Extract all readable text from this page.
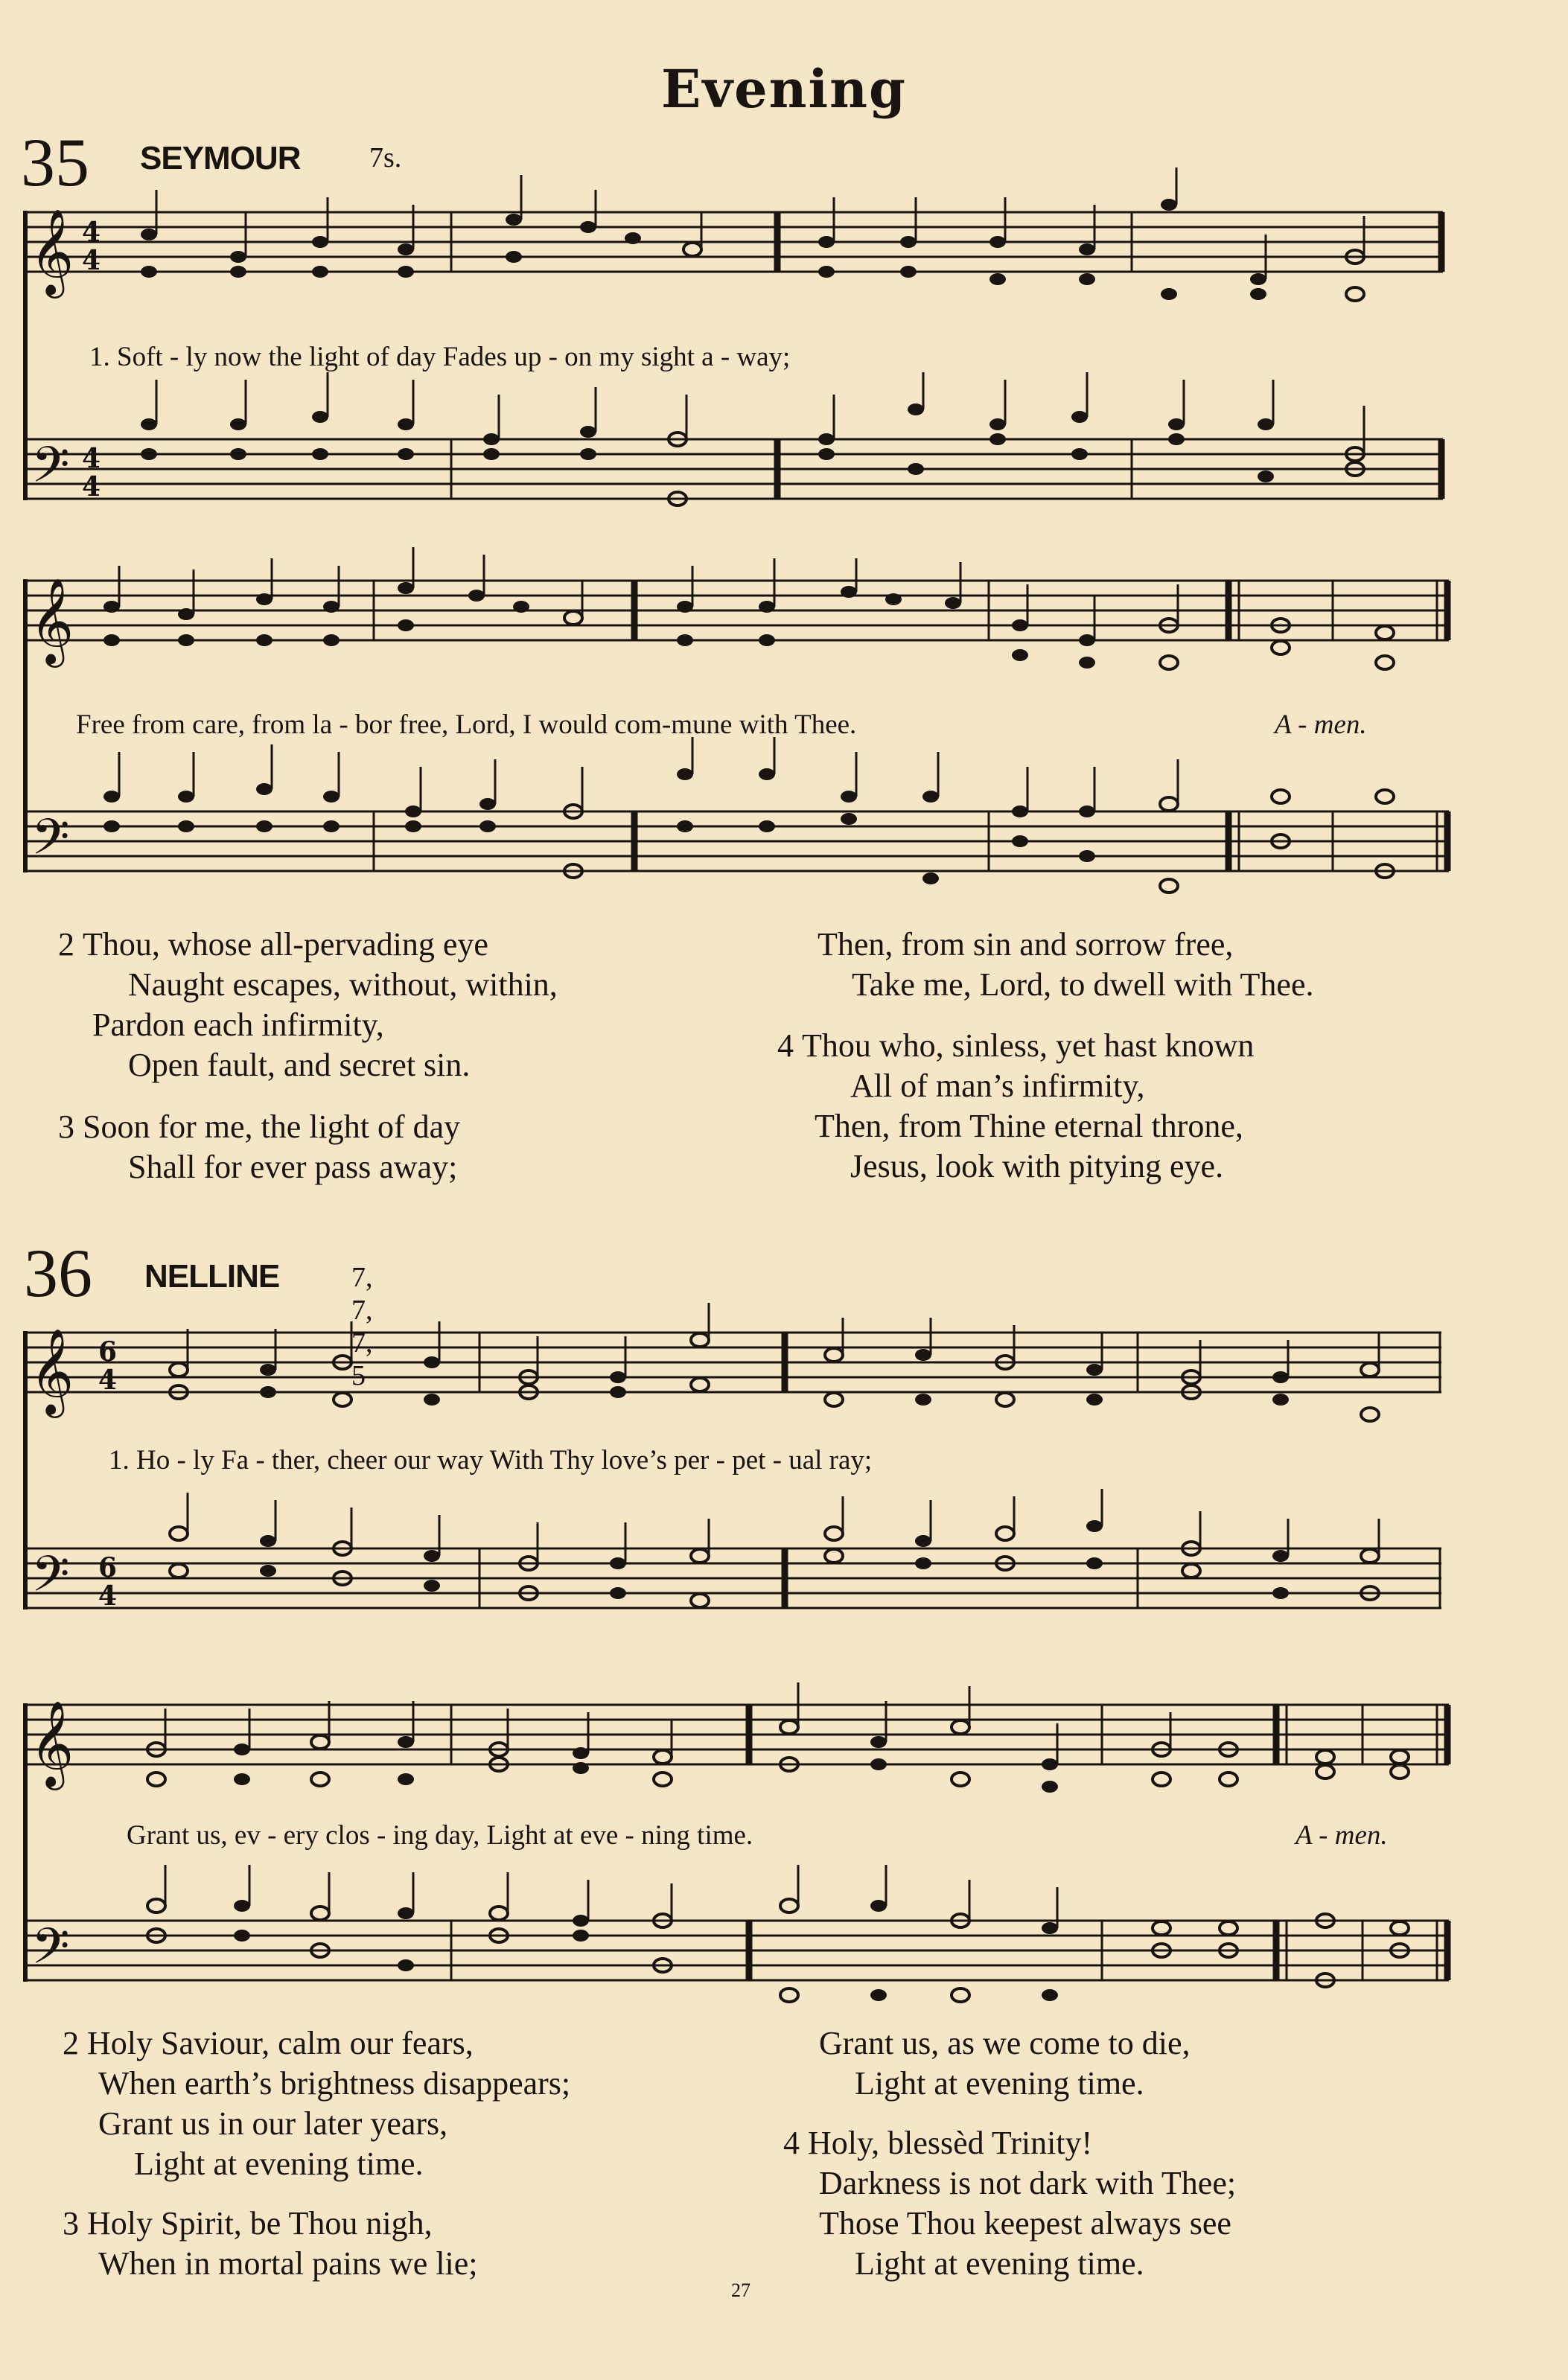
Evening
35 SEYMOUR 7s.
𝄞
𝄢
4
4
4
4
𝄞
𝄢
1. Soft - ly now the light of day Fades up - on my sight a - way;
Free from care, from la - bor free, Lord, I would com-mune with Thee.	A - men.
2 Thou, whose all-pervading eye
Naught escapes, without, within,
Pardon each infirmity,
Open fault, and secret sin.
3 Soon for me, the light of day
Shall for ever pass away;
Then, from sin and sorrow free,
Take me, Lord, to dwell with Thee.
4 Thou who, sinless, yet hast known
All of man’s infirmity,
Then, from Thine eternal throne,
Jesus, look with pitying eye.
36 NELLINE	7, 7, 7, 5
𝄞
𝄢
6
4
6
4
𝄞
𝄢
1. Ho - ly Fa - ther, cheer our way With Thy love’s per - pet - ual ray;
Grant us, ev - ery clos - ing day, Light at eve - ning time.	A - men.
2 Holy Saviour, calm our fears,
When earth’s brightness disappears;
Grant us in our later years,
Light at evening time.
3 Holy Spirit, be Thou nigh,
When in mortal pains we lie;
Grant us, as we come to die,
Light at evening time.
4 Holy, blessèd Trinity!
Darkness is not dark with Thee;
Those Thou keepest always see
Light at evening time.
27
